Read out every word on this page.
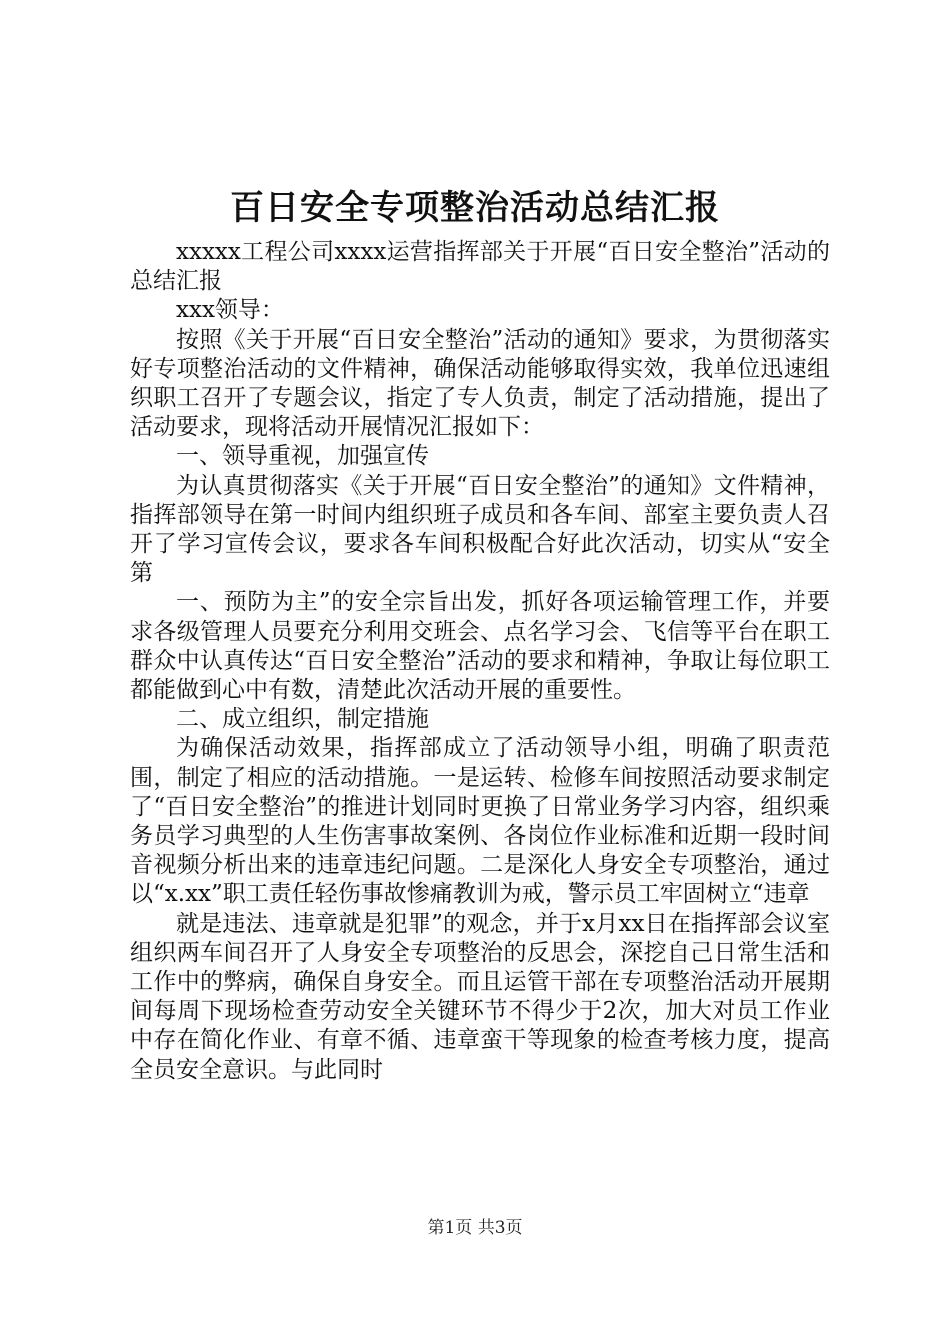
百日安全专项整治活动总结汇报

xxxxx工程公司xxxx运营指挥部关于开展“百日安全整治”活动的总结汇报

xxx领导：

按照《关于开展“百日安全整治”活动的通知》要求，为贯彻落实好专项整治活动的文件精神，确保活动能够取得实效，我单位迅速组织职工召开了专题会议，指定了专人负责，制定了活动措施，提出了活动要求，现将活动开展情况汇报如下：

一、领导重视，加强宣传

为认真贯彻落实《关于开展“百日安全整治”的通知》文件精神，指挥部领导在第一时间内组织班子成员和各车间、部室主要负责人召开了学习宣传会议，要求各车间积极配合好此次活动，切实从“安全第

一、预防为主”的安全宗旨出发，抓好各项运输管理工作，并要求各级管理人员要充分利用交班会、点名学习会、飞信等平台在职工群众中认真传达“百日安全整治”活动的要求和精神，争取让每位职工都能做到心中有数，清楚此次活动开展的重要性。

二、成立组织，制定措施

为确保活动效果，指挥部成立了活动领导小组，明确了职责范围，制定了相应的活动措施。一是运转、检修车间按照活动要求制定了“百日安全整治”的推进计划同时更换了日常业务学习内容，组织乘务员学习典型的人生伤害事故案例、各岗位作业标准和近期一段时间音视频分析出来的违章违纪问题。二是深化人身安全专项整治，通过以“x.xx”职工责任轻伤事故惨痛教训为戒，警示员工牢固树立“违章

就是违法、违章就是犯罪”的观念，并于x月xx日在指挥部会议室组织两车间召开了人身安全专项整治的反思会，深挖自己日常生活和工作中的弊病，确保自身安全。而且运管干部在专项整治活动开展期间每周下现场检查劳动安全关键环节不得少于2次，加大对员工作业中存在简化作业、有章不循、违章蛮干等现象的检查考核力度，提高全员安全意识。与此同时

第1页 共3页
